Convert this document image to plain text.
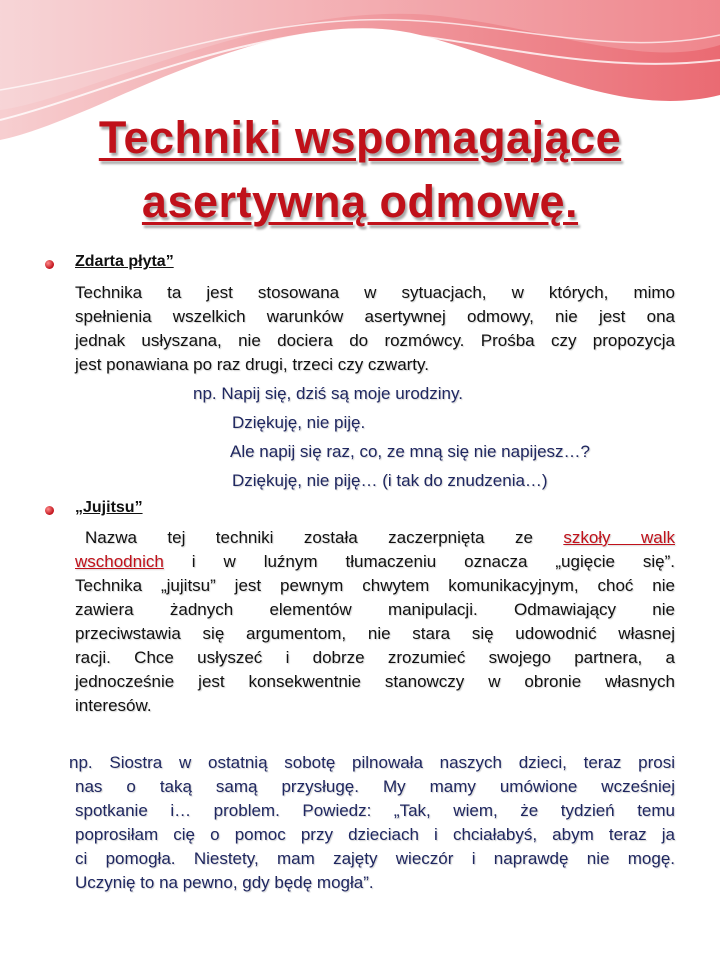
Techniki wspomagające
asertywną odmowę.
Zdarta płyta”
Technika ta jest stosowana w sytuacjach, w których, mimo
spełnienia wszelkich warunków asertywnej odmowy, nie jest ona
jednak usłyszana, nie dociera do rozmówcy. Prośba czy propozycja
jest ponawiana po raz drugi, trzeci czy czwarty.
np. Napij się, dziś są moje urodziny.
Dziękuję, nie piję.
Ale napij się raz, co, ze mną się nie napijesz…?
Dziękuję, nie piję… (i tak do znudzenia…)
„Jujitsu”
Nazwa tej techniki została zaczerpnięta ze szkoły walk
wschodnich i w luźnym tłumaczeniu oznacza „ugięcie się”.
Technika „jujitsu” jest pewnym chwytem komunikacyjnym, choć nie
zawiera żadnych elementów manipulacji. Odmawiający nie
przeciwstawia się argumentom, nie stara się udowodnić własnej
racji. Chce usłyszeć i dobrze zrozumieć swojego partnera, a
jednocześnie jest konsekwentnie stanowczy w obronie własnych
interesów.
np. Siostra w ostatnią sobotę pilnowała naszych dzieci, teraz prosi
nas o taką samą przysługę. My mamy umówione wcześniej
spotkanie i… problem. Powiedz: „Tak, wiem, że tydzień temu
poprosiłam cię o pomoc przy dzieciach i chciałabyś, abym teraz ja
ci pomogła. Niestety, mam zajęty wieczór i naprawdę nie mogę.
Uczynię to na pewno, gdy będę mogła”.
